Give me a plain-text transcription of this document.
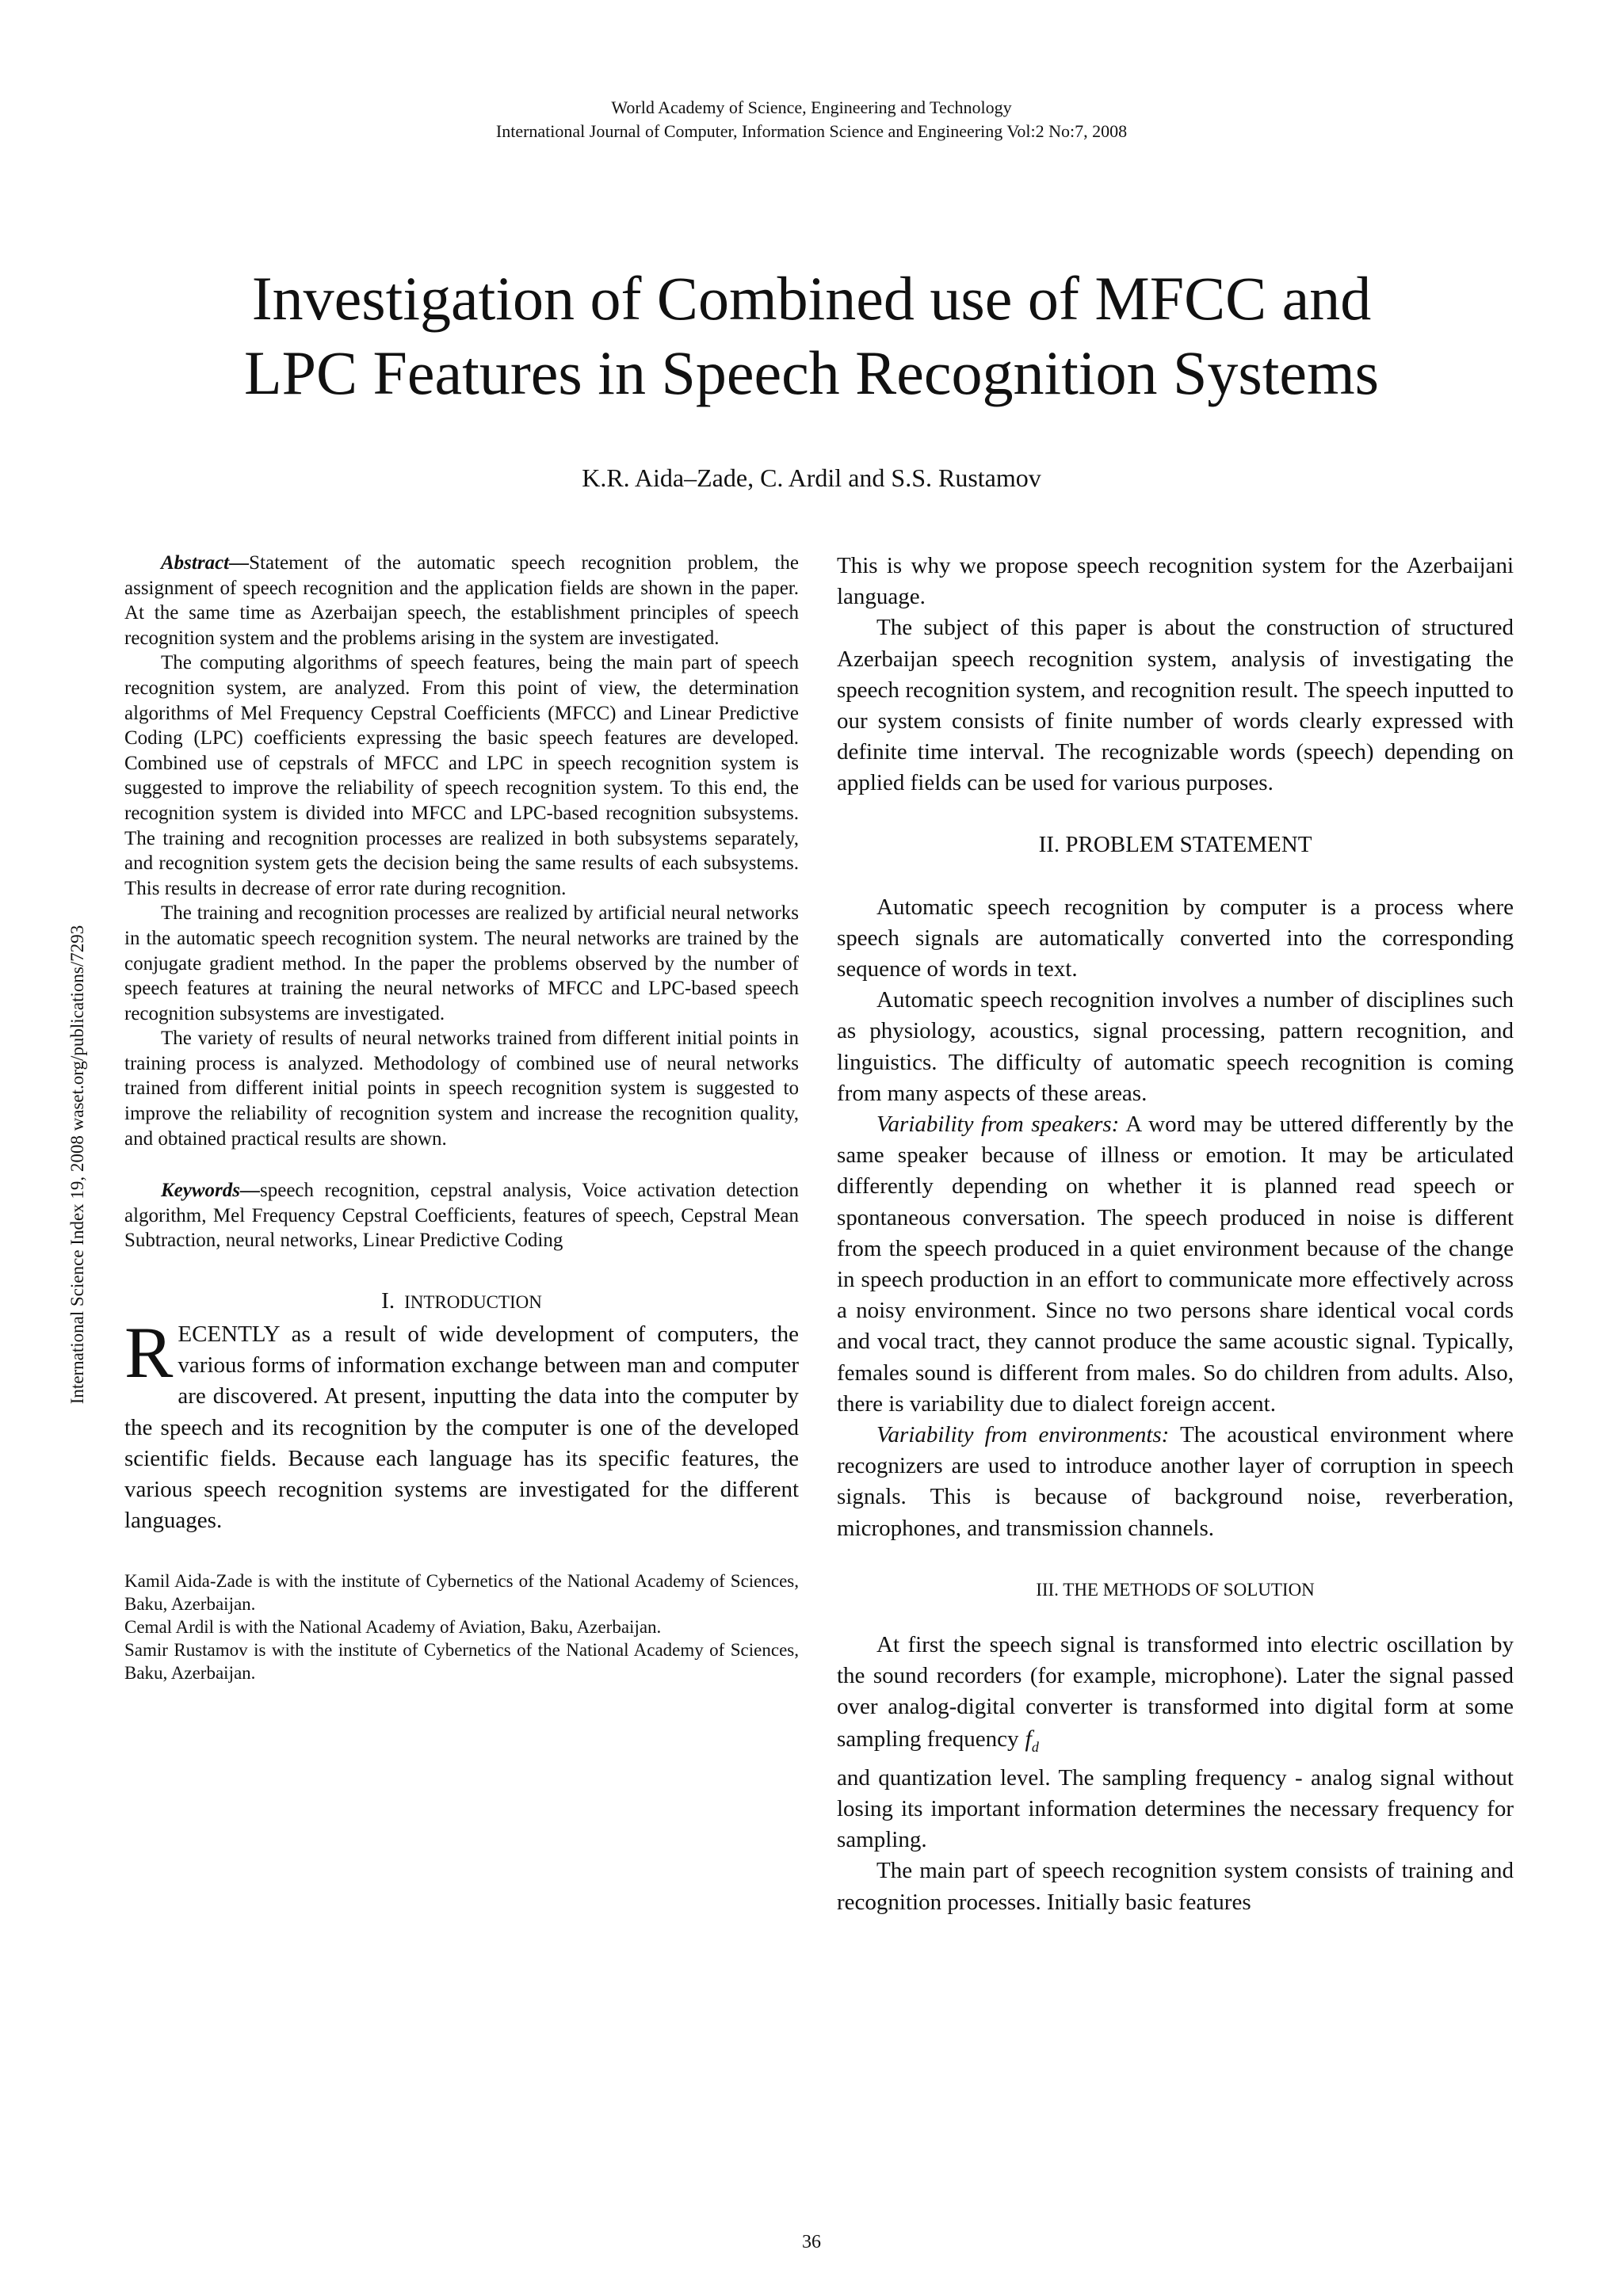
World Academy of Science, Engineering and Technology
International Journal of Computer, Information Science and Engineering Vol:2 No:7, 2008
International Science Index 19, 2008 waset.org/publications/7293
Investigation of Combined use of MFCC and
LPC Features in Speech Recognition Systems
K.R. Aida–Zade, C. Ardil and S.S. Rustamov

Abstract—Statement of the automatic speech recognition problem, the assignment of speech recognition and the application fields are shown in the paper. At the same time as Azerbaijan speech, the establishment principles of speech recognition system and the problems arising in the system are investigated.

The computing algorithms of speech features, being the main part of speech recognition system, are analyzed. From this point of view, the determination algorithms of Mel Frequency Cepstral Coefficients (MFCC) and Linear Predictive Coding (LPC) coefficients expressing the basic speech features are developed. Combined use of cepstrals of MFCC and LPC in speech recognition system is suggested to improve the reliability of speech recognition system. To this end, the recognition system is divided into MFCC and LPC-based recognition subsystems. The training and recognition processes are realized in both subsystems separately, and recognition system gets the decision being the same results of each subsystems. This results in decrease of error rate during recognition.

The training and recognition processes are realized by artificial neural networks in the automatic speech recognition system. The neural networks are trained by the conjugate gradient method. In the paper the problems observed by the number of speech features at training the neural networks of MFCC and LPC-based speech recognition subsystems are investigated.

The variety of results of neural networks trained from different initial points in training process is analyzed. Methodology of combined use of neural networks trained from different initial points in speech recognition system is suggested to improve the reliability of recognition system and increase the recognition quality, and obtained practical results are shown.

Keywords—speech recognition, cepstral analysis, Voice activation detection algorithm, Mel Frequency Cepstral Coefficients, features of speech, Cepstral Mean Subtraction, neural networks, Linear Predictive Coding

I. INTRODUCTION

RECENTLY as a result of wide development of computers, the various forms of information exchange between man and computer are discovered. At present, inputting the data into the computer by the speech and its recognition by the computer is one of the developed scientific fields. Because each language has its specific features, the various speech recognition systems are investigated for the different languages.

Kamil Aida-Zade is with the institute of Cybernetics of the National Academy of Sciences, Baku, Azerbaijan.

Cemal Ardil is with the National Academy of Aviation, Baku, Azerbaijan.

Samir Rustamov is with the institute of Cybernetics of the National Academy of Sciences, Baku, Azerbaijan.

This is why we propose speech recognition system for the Azerbaijani language.

The subject of this paper is about the construction of structured Azerbaijan speech recognition system, analysis of investigating the speech recognition system, and recognition result. The speech inputted to our system consists of finite number of words clearly expressed with definite time interval. The recognizable words (speech) depending on applied fields can be used for various purposes.

II. PROBLEM STATEMENT

Automatic speech recognition by computer is a process where speech signals are automatically converted into the corresponding sequence of words in text.

Automatic speech recognition involves a number of disciplines such as physiology, acoustics, signal processing, pattern recognition, and linguistics. The difficulty of automatic speech recognition is coming from many aspects of these areas.

Variability from speakers: A word may be uttered differently by the same speaker because of illness or emotion. It may be articulated differently depending on whether it is planned read speech or spontaneous conversation. The speech produced in noise is different from the speech produced in a quiet environment because of the change in speech production in an effort to communicate more effectively across a noisy environment. Since no two persons share identical vocal cords and vocal tract, they cannot produce the same acoustic signal. Typically, females sound is different from males. So do children from adults. Also, there is variability due to dialect foreign accent.

Variability from environments: The acoustical environment where recognizers are used to introduce another layer of corruption in speech signals. This is because of background noise, reverberation, microphones, and transmission channels.

III. THE METHODS OF SOLUTION

At first the speech signal is transformed into electric oscillation by the sound recorders (for example, microphone). Later the signal passed over analog-digital converter is transformed into digital form at some sampling frequency $f_d$

and quantization level. The sampling frequency - analog signal without losing its important information determines the necessary frequency for sampling.

The main part of speech recognition system consists of training and recognition processes. Initially basic features

36
